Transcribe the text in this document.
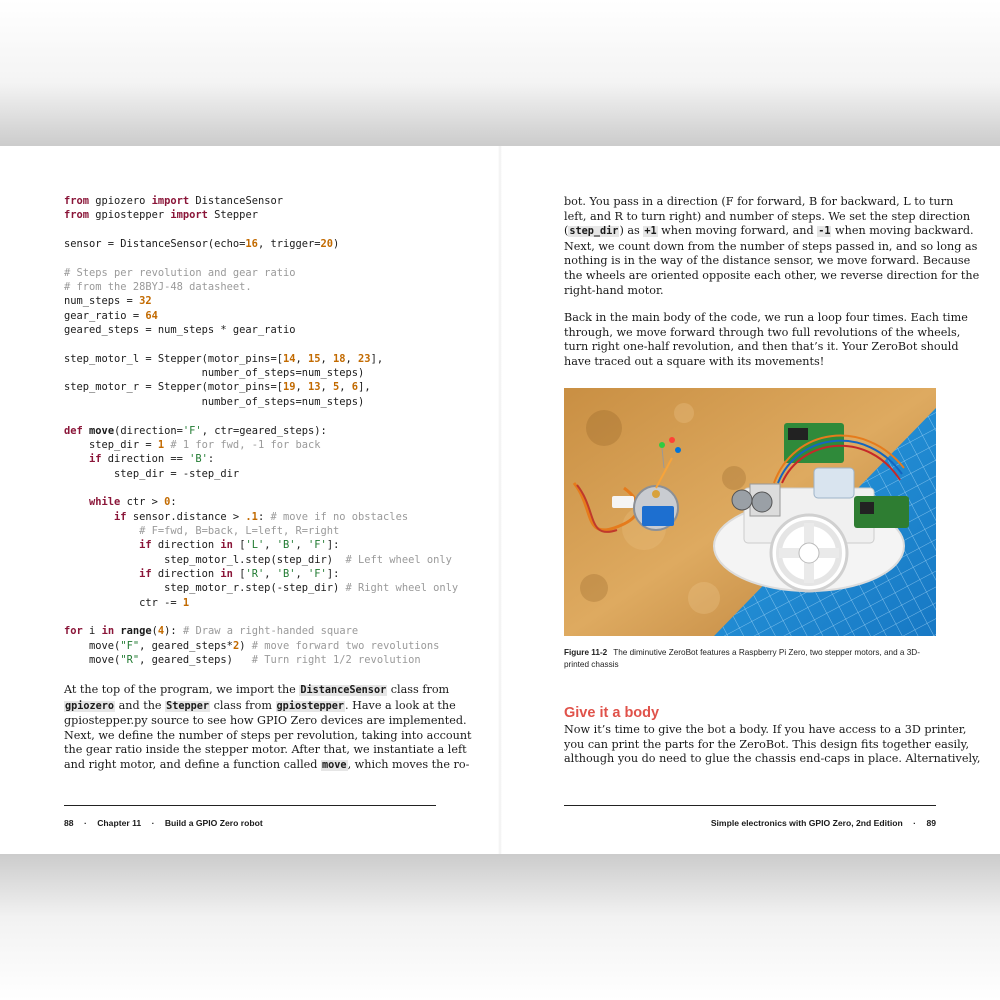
from gpiozero import DistanceSensor
from gpiostepper import Stepper

sensor = DistanceSensor(echo=16, trigger=20)

# Steps per revolution and gear ratio
# from the 28BYJ-48 datasheet.
num_steps = 32
gear_ratio = 64
geared_steps = num_steps * gear_ratio

step_motor_l = Stepper(motor_pins=[14, 15, 18, 23],
number_of_steps=num_steps)
step_motor_r = Stepper(motor_pins=[19, 13, 5, 6],
number_of_steps=num_steps)

def move(direction='F', ctr=geared_steps):
step_dir = 1 # 1 for fwd, -1 for back
if direction == 'B':
step_dir = -step_dir

while ctr > 0:
if sensor.distance > .1: # move if no obstacles
# F=fwd, B=back, L=left, R=right
if direction in ['L', 'B', 'F']:
step_motor_l.step(step_dir)  # Left wheel only
if direction in ['R', 'B', 'F']:
step_motor_r.step(-step_dir) # Right wheel only
ctr -= 1

for i in range(4): # Draw a right-handed square
move("F", geared_steps*2) # move forward two revolutions
move("R", geared_steps)   # Turn right 1/2 revolution
At the top of the program, we import the DistanceSensor class from
gpiozero and the Stepper class from gpiostepper. Have a look at the
gpiostepper.py source to see how GPIO Zero devices are implemented.
Next, we define the number of steps per revolution, taking into account
the gear ratio inside the stepper motor. After that, we instantiate a left
and right motor, and define a function called move, which moves the ro-
88 · Chapter 11 · Build a GPIO Zero robot
bot. You pass in a direction (F for forward, B for backward, L to turn
left, and R to turn right) and number of steps. We set the step direction
(step_dir) as +1 when moving forward, and -1 when moving backward.
Next, we count down from the number of steps passed in, and so long as
nothing is in the way of the distance sensor, we move forward. Because
the wheels are oriented opposite each other, we reverse direction for the
right-hand motor.
Back in the main body of the code, we run a loop four times. Each time
through, we move forward through two full revolutions of the wheels,
turn right one-half revolution, and then that’s it. Your ZeroBot should
have traced out a square with its movements!

Figure 11-2 The diminutive ZeroBot features a Raspberry Pi Zero, two stepper motors, and a 3D-
printed chassis

Give it a body
Now it’s time to give the bot a body. If you have access to a 3D printer,
you can print the parts for the ZeroBot. This design fits together easily,
although you do need to glue the chassis end-caps in place. Alternatively,
Simple electronics with GPIO Zero, 2nd Edition · 89
